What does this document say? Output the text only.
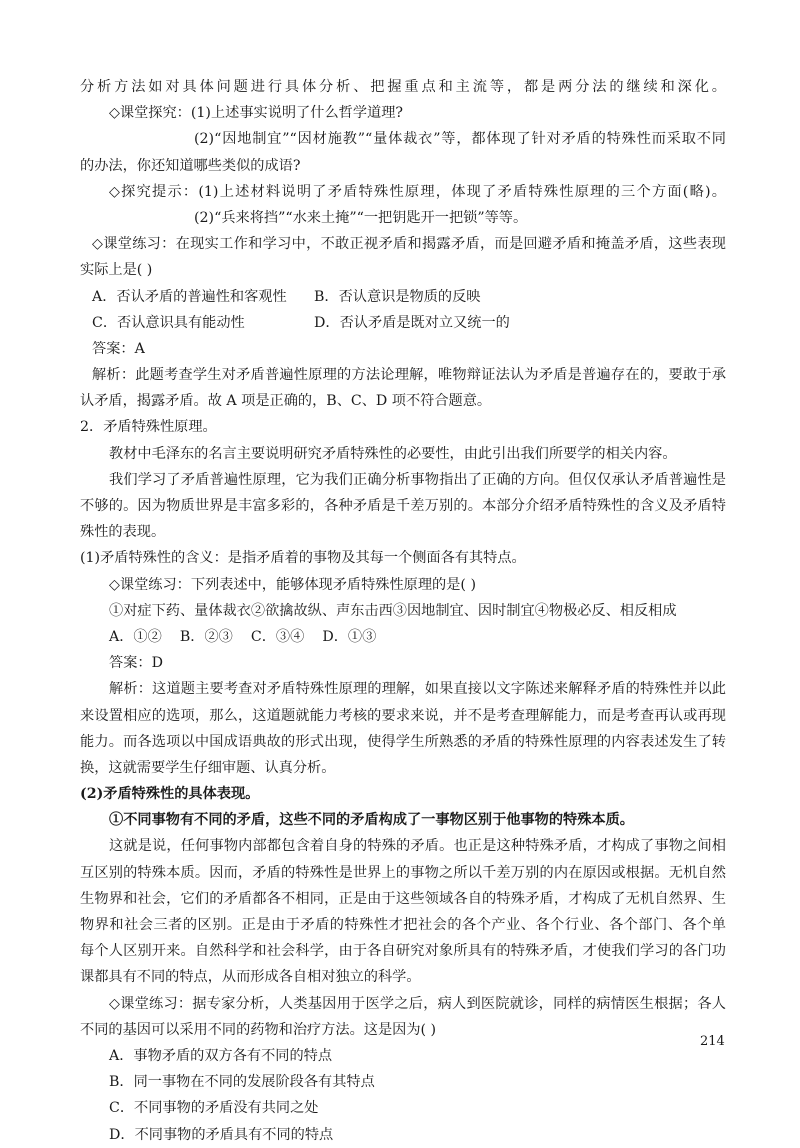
分析方法如对具体问题进行具体分析、把握重点和主流等，都是两分法的继续和深化。
◇课堂探究：(1)上述事实说明了什么哲学道理?
(2)“因地制宜”“因材施教”“量体裁衣”等，都体现了针对矛盾的特殊性而采取不同
的办法，你还知道哪些类似的成语?
◇探究提示：(1)上述材料说明了矛盾特殊性原理，体现了矛盾特殊性原理的三个方面(略)。
(2)“兵来将挡”“水来土掩”“一把钥匙开一把锁”等等。
◇课堂练习：在现实工作和学习中，不敢正视矛盾和揭露矛盾，而是回避矛盾和掩盖矛盾，这些表现
实际上是( )
A．否认矛盾的普遍性和客观性 B．否认意识是物质的反映
C．否认意识具有能动性	D．否认矛盾是既对立又统一的
答案：A
解析：此题考查学生对矛盾普遍性原理的方法论理解，唯物辩证法认为矛盾是普遍存在的，要敢于承
认矛盾，揭露矛盾。故 A 项是正确的，B、C、D 项不符合题意。
2．矛盾特殊性原理。
教材中毛泽东的名言主要说明研究矛盾特殊性的必要性，由此引出我们所要学的相关内容。
我们学习了矛盾普遍性原理，它为我们正确分析事物指出了正确的方向。但仅仅承认矛盾普遍性是
不够的。因为物质世界是丰富多彩的，各种矛盾是千差万别的。本部分介绍矛盾特殊性的含义及矛盾特
殊性的表现。
(1)矛盾特殊性的含义：是指矛盾着的事物及其每一个侧面各有其特点。
◇课堂练习：下列表述中，能够体现矛盾特殊性原理的是( )
①对症下药、量体裁衣②欲擒故纵、声东击西③因地制宜、因时制宜④物极必反、相反相成
A．①②    B．②③    C．③④    D．①③
答案：D
解析：这道题主要考查对矛盾特殊性原理的理解，如果直接以文字陈述来解释矛盾的特殊性并以此
来设置相应的选项，那么，这道题就能力考核的要求来说，并不是考查理解能力，而是考查再认或再现
能力。而各选项以中国成语典故的形式出现，使得学生所熟悉的矛盾的特殊性原理的内容表述发生了转
换，这就需要学生仔细审题、认真分析。
(2)矛盾特殊性的具体表现。
①不同事物有不同的矛盾，这些不同的矛盾构成了一事物区别于他事物的特殊本质。
这就是说，任何事物内部都包含着自身的特殊的矛盾。也正是这种特殊矛盾，才构成了事物之间相
互区别的特殊本质。因而，矛盾的特殊性是世界上的事物之所以千差万别的内在原因或根据。无机自然
生物界和社会，它们的矛盾都各不相同，正是由于这些领域各自的特殊矛盾，才构成了无机自然界、生
物界和社会三者的区别。正是由于矛盾的特殊性才把社会的各个产业、各个行业、各个部门、各个单
每个人区别开来。自然科学和社会科学，由于各自研究对象所具有的特殊矛盾，才使我们学习的各门功
课都具有不同的特点，从而形成各自相对独立的科学。
◇课堂练习：据专家分析，人类基因用于医学之后，病人到医院就诊，同样的病情医生根据；各人
不同的基因可以采用不同的药物和治疗方法。这是因为( )
A．事物矛盾的双方各有不同的特点
B．同一事物在不同的发展阶段各有其特点
C．不同事物的矛盾没有共同之处
D．不同事物的矛盾具有不同的特点
214
